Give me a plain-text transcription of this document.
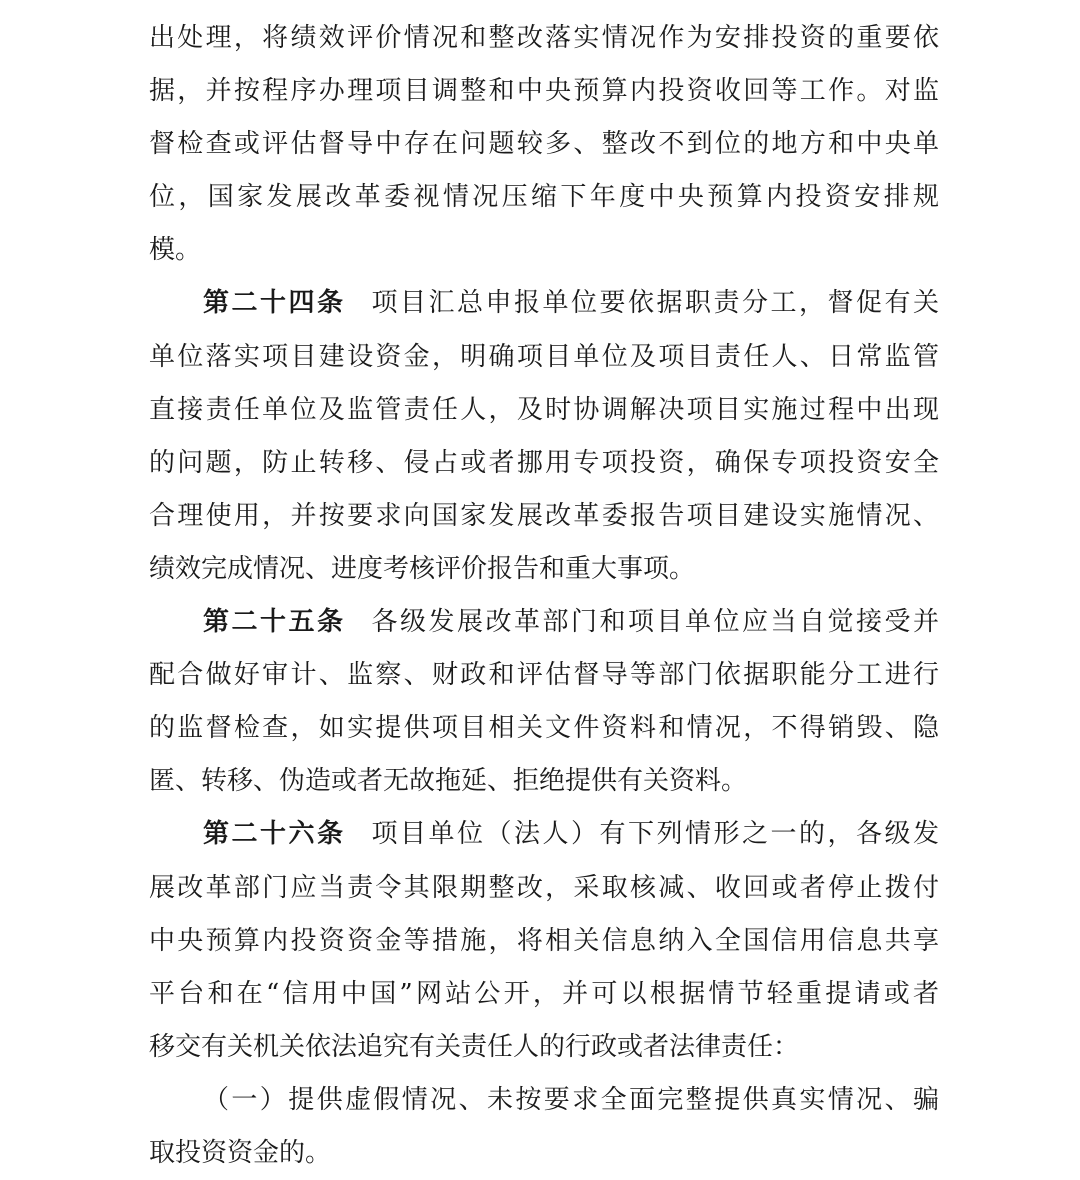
出处理，将绩效评价情况和整改落实情况作为安排投资的重要依
据，并按程序办理项目调整和中央预算内投资收回等工作。对监
督检查或评估督导中存在问题较多、整改不到位的地方和中央单
位，国家发展改革委视情况压缩下年度中央预算内投资安排规
模。
第二十四条 项目汇总申报单位要依据职责分工，督促有关
单位落实项目建设资金，明确项目单位及项目责任人、日常监管
直接责任单位及监管责任人，及时协调解决项目实施过程中出现
的问题，防止转移、侵占或者挪用专项投资，确保专项投资安全
合理使用，并按要求向国家发展改革委报告项目建设实施情况、
绩效完成情况、进度考核评价报告和重大事项。
第二十五条 各级发展改革部门和项目单位应当自觉接受并
配合做好审计、监察、财政和评估督导等部门依据职能分工进行
的监督检查，如实提供项目相关文件资料和情况，不得销毁、隐
匿、转移、伪造或者无故拖延、拒绝提供有关资料。
第二十六条 项目单位（法人）有下列情形之一的，各级发
展改革部门应当责令其限期整改，采取核减、收回或者停止拨付
中央预算内投资资金等措施，将相关信息纳入全国信用信息共享
平台和在“信用中国”网站公开，并可以根据情节轻重提请或者
移交有关机关依法追究有关责任人的行政或者法律责任：
（一）提供虚假情况、未按要求全面完整提供真实情况、骗
取投资资金的。
